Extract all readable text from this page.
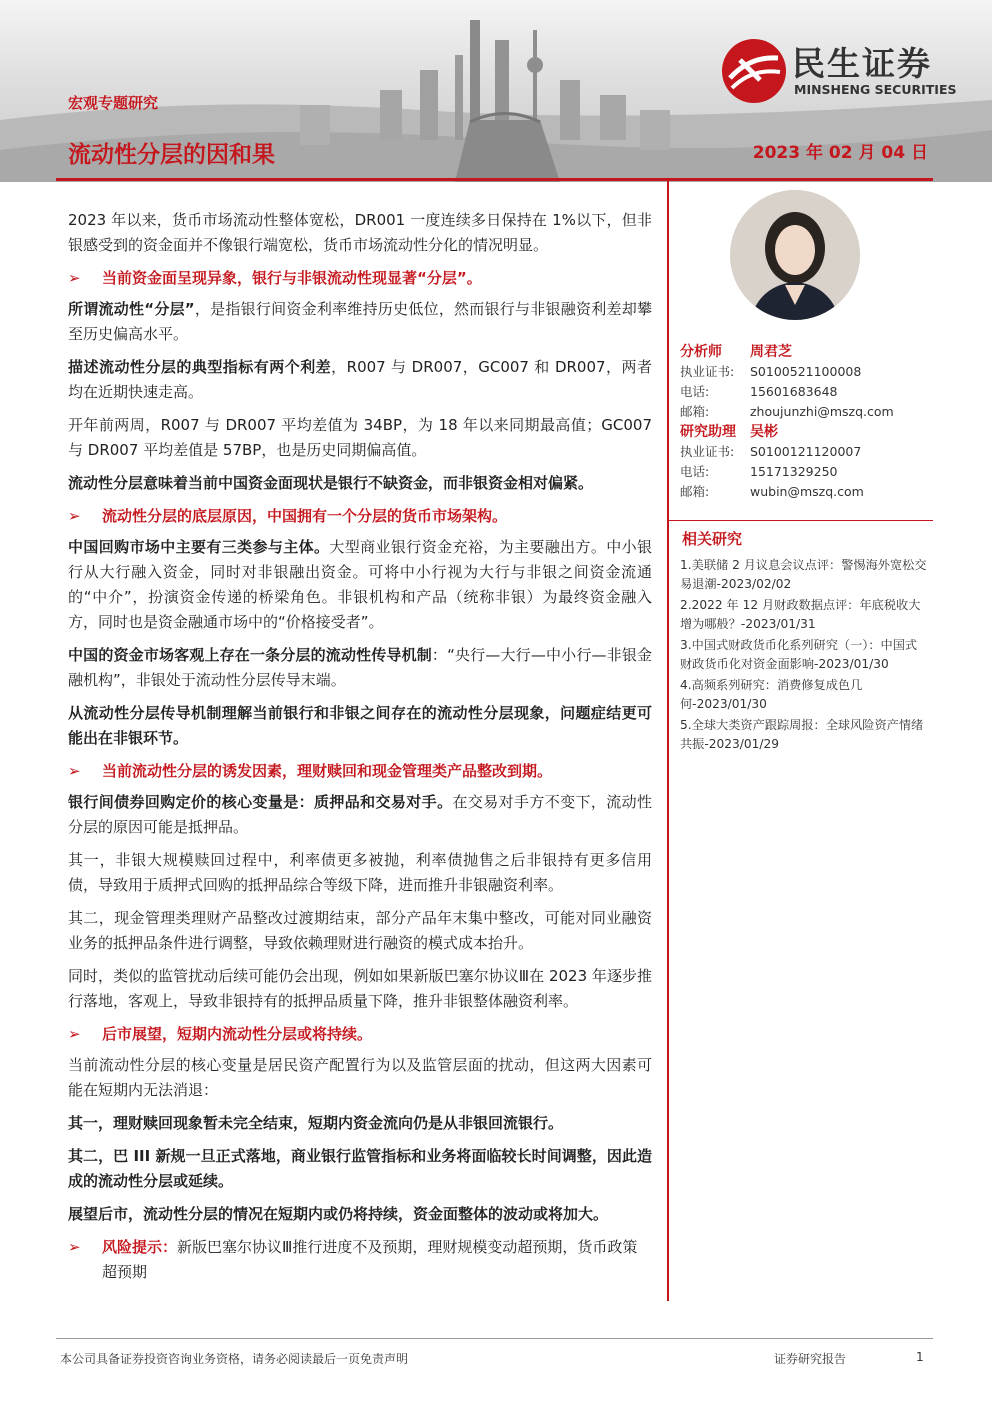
民生证券
MINSHENG SECURITIES
宏观专题研究
流动性分层的因和果	2023 年 02 月 04 日

2023 年以来，货币市场流动性整体宽松，DR001 一度连续多日保持在 1%以下，但非银感受到的资金面并不像银行端宽松，货币市场流动性分化的情况明显。

➢ 当前资金面呈现异象，银行与非银流动性现显著“分层”。

所谓流动性“分层”，是指银行间资金利率维持历史低位，然而银行与非银融资利差却攀至历史偏高水平。

描述流动性分层的典型指标有两个利差，R007 与 DR007，GC007 和 DR007，两者均在近期快速走高。

开年前两周，R007 与 DR007 平均差值为 34BP，为 18 年以来同期最高值；GC007 与 DR007 平均差值是 57BP，也是历史同期偏高值。

流动性分层意味着当前中国资金面现状是银行不缺资金，而非银资金相对偏紧。

➢ 流动性分层的底层原因，中国拥有一个分层的货币市场架构。

中国回购市场中主要有三类参与主体。大型商业银行资金充裕，为主要融出方。中小银行从大行融入资金，同时对非银融出资金。可将中小行视为大行与非银之间资金流通的“中介”，扮演资金传递的桥梁角色。非银机构和产品（统称非银）为最终资金融入方，同时也是资金融通市场中的“价格接受者”。

中国的资金市场客观上存在一条分层的流动性传导机制：“央行—大行—中小行—非银金融机构”，非银处于流动性分层传导末端。

从流动性分层传导机制理解当前银行和非银之间存在的流动性分层现象，问题症结更可能出在非银环节。

➢ 当前流动性分层的诱发因素，理财赎回和现金管理类产品整改到期。

银行间债券回购定价的核心变量是：质押品和交易对手。在交易对手方不变下，流动性分层的原因可能是抵押品。

其一，非银大规模赎回过程中，利率债更多被抛，利率债抛售之后非银持有更多信用债，导致用于质押式回购的抵押品综合等级下降，进而推升非银融资利率。

其二，现金管理类理财产品整改过渡期结束，部分产品年末集中整改，可能对同业融资业务的抵押品条件进行调整，导致依赖理财进行融资的模式成本抬升。

同时，类似的监管扰动后续可能仍会出现，例如如果新版巴塞尔协议Ⅲ在 2023 年逐步推行落地，客观上，导致非银持有的抵押品质量下降，推升非银整体融资利率。

➢ 后市展望，短期内流动性分层或将持续。

当前流动性分层的核心变量是居民资产配置行为以及监管层面的扰动，但这两大因素可能在短期内无法消退：

其一，理财赎回现象暂未完全结束，短期内资金流向仍是从非银回流银行。

其二，巴 III 新规一旦正式落地，商业银行监管指标和业务将面临较长时间调整，因此造成的流动性分层或延续。

展望后市，流动性分层的情况在短期内或仍将持续，资金面整体的波动或将加大。

➢ 风险提示：新版巴塞尔协议Ⅲ推行进度不及预期，理财规模变动超预期，货币政策超预期
分析师	周君芝
执业证书:	S0100521100008
电话:	15601683648
邮箱:	zhoujunzhi@mszq.com
研究助理	吴彬
执业证书:	S0100121120007
电话:	15171329250
邮箱:	wubin@mszq.com
相关研究
1.美联储 2 月议息会议点评：警惕海外宽松交易退潮-2023/02/02
2.2022 年 12 月财政数据点评：年底税收大增为哪般？-2023/01/31
3.中国式财政货币化系列研究（一）：中国式财政货币化对资金面影响-2023/01/30
4.高频系列研究：消费修复成色几何-2023/01/30
5.全球大类资产跟踪周报：全球风险资产情绪共振-2023/01/29
本公司具备证券投资咨询业务资格，请务必阅读最后一页免责声明	证券研究报告	1
